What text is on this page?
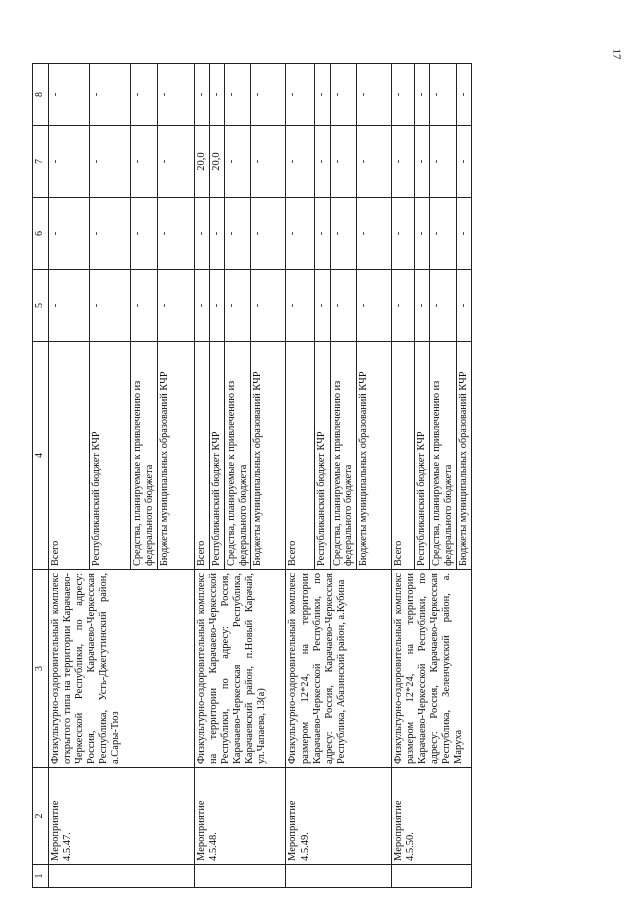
17
1	2	3	4	5	6	7	8
	Мероприятие 4.5.47.	Физкультурно-оздоровительный комплекс открытого типа на территории Карачаево-Черкесской Республики, по адресу: Россия, Карачаево-Черкесская Республика, Усть-Джегутинский район, а.Сары-Тюз	Всего	-	-	-	-
			Республиканский бюджет КЧР	-	-	-	-
			Средства, планируемые к привлечению из федерального бюджета	-	-	-	-
			Бюджеты муниципальных образований КЧР	-	-	-	-
	Мероприятие 4.5.48.	Физкультурно-оздоровительный комплекс на территории Карачаево-Черкесской Республики, по адресу: Россия, Карачаево-Черкесская Республика, Карачаевский район, п.Новый Карачай, ул.Чапаева, 13(а)	Всего	-	-	20,0	-
			Республиканский бюджет КЧР	-	-	20,0	-
			Средства, планируемые к привлечению из федерального бюджета	-	-	-	-
			Бюджеты муниципальных образований КЧР	-	-	-	-
	Мероприятие 4.5.49.	Физкультурно-оздоровительный комплекс размером 12*24, на территории Карачаево-Черкесской Республики, по адресу: Россия, Карачаево-Черкесская Республика, Абазинский район, а.Кубина	Всего	-	-	-	-
			Республиканский бюджет КЧР	-	-	-	-
			Средства, планируемые к привлечению из федерального бюджета	-	-	-	-
			Бюджеты муниципальных образований КЧР	-	-	-	-
	Мероприятие 4.5.50.	Физкультурно-оздоровительный комплекс размером 12*24, на территории Карачаево-Черкесской Республики, по адресу: Россия, Карачаево-Черкесская Республика, Зеленчукский район, а. Маруха	Всего	-	-	-	-
			Республиканский бюджет КЧР	-	-	-	-
			Средства, планируемые к привлечению из федерального бюджета	-	-	-	-
			Бюджеты муниципальных образований КЧР	-	-	-	-
